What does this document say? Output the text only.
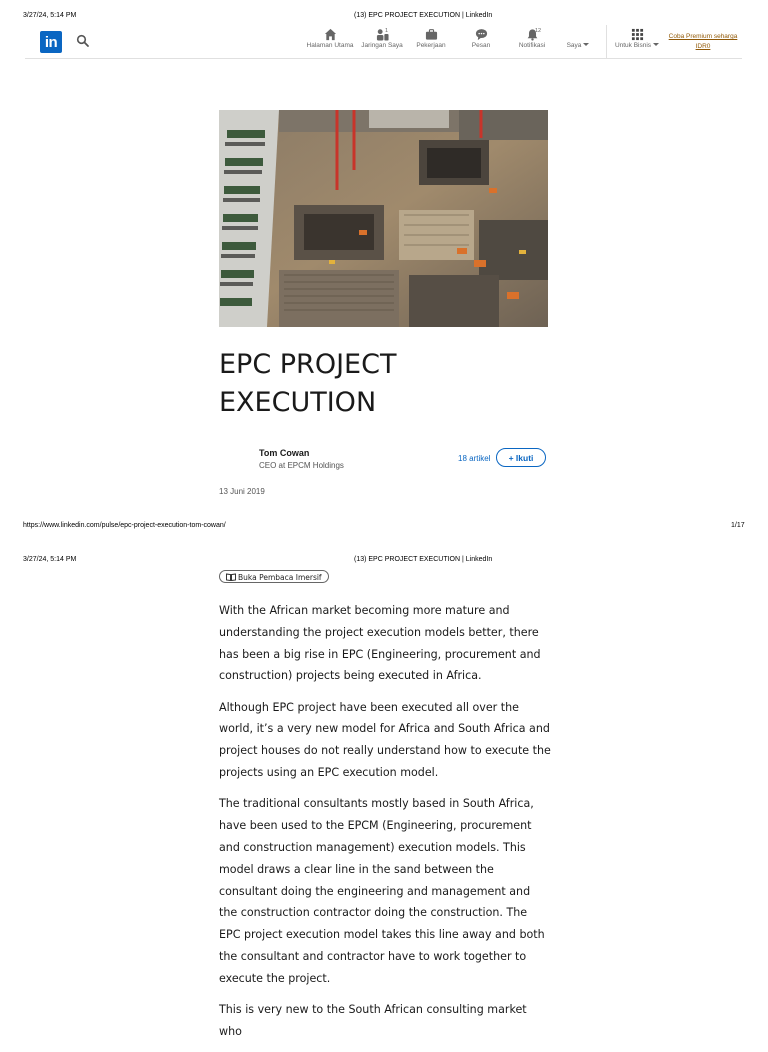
3/27/24, 5:14 PM	(13) EPC PROJECT EXECUTION | LinkedIn
in	Halaman Utama
1
Jaringan Saya	Pekerjaan	Pesan
12
Notifikasi	Saya	Untuk Bisnis
Coba Premium seharga
IDR0
EPC PROJECT
EXECUTION
Tom Cowan
CEO at EPCM Holdings
18 artikel	+ Ikuti
13 Juni 2019
https://www.linkedin.com/pulse/epc-project-execution-tom-cowan/	1/17
3/27/24, 5:14 PM	(13) EPC PROJECT EXECUTION | LinkedIn
Buka Pembaca Imersif

With the African market becoming more mature and understanding the project execution models better, there has been a big rise in EPC (Engineering, procurement and construction) projects being executed in Africa.

Although EPC project have been executed all over the world, it’s a very new model for Africa and South Africa and project houses do not really understand how to execute the projects using an EPC execution model.

The traditional consultants mostly based in South Africa, have been used to the EPCM (Engineering, procurement and construction management) execution models. This model draws a clear line in the sand between the consultant doing the engineering and management and the construction contractor doing the construction. The EPC project execution model takes this line away and both the consultant and contractor have to work together to execute the project.

This is very new to the South African consulting market who
